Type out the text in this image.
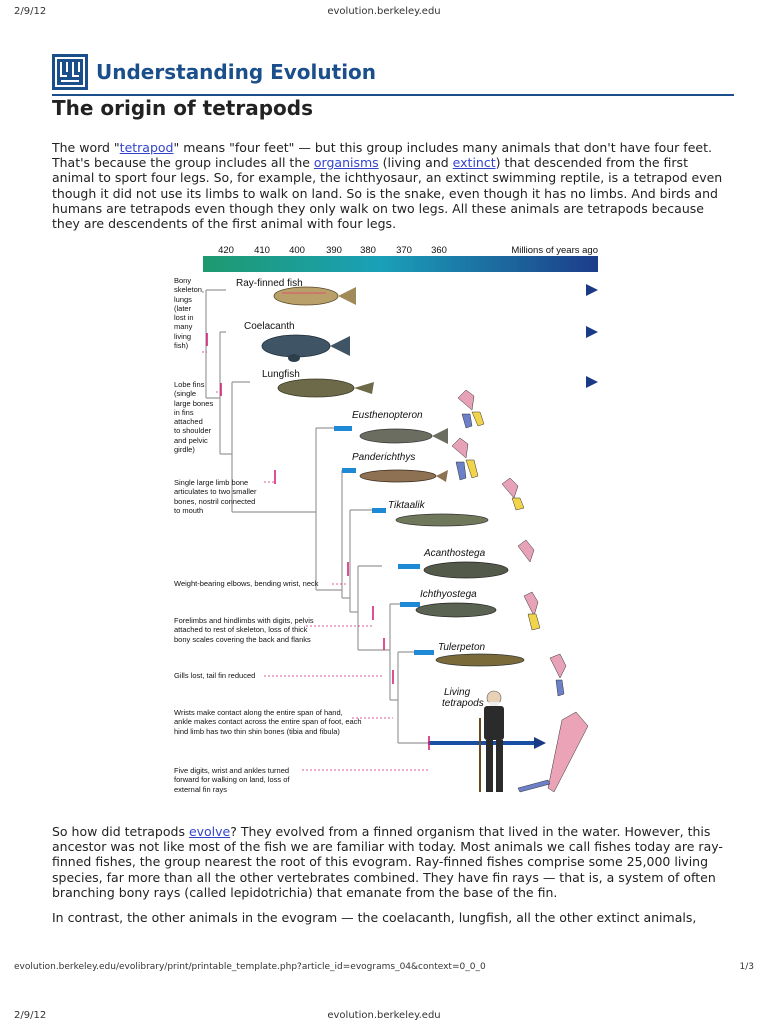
2/9/12	evolution.berkeley.edu
Understanding Evolution
The origin of tetrapods
The word "tetrapod" means "four feet" — but this group includes many animals that don't have four feet. That's because the group includes all the organisms (living and extinct) that descended from the first animal to sport four legs. So, for example, the ichthyosaur, an extinct swimming reptile, is a tetrapod even though it did not use its limbs to walk on land. So is the snake, even though it has no limbs. And birds and humans are tetrapods even though they only walk on two legs. All these animals are tetrapods because they are descendents of the first animal with four legs.
420 410 400 390 380 370 360	Millions of years ago
Ray-finned fish
Coelacanth
Lungfish
Eusthenopteron
Panderichthys
Tiktaalik
Acanthostega
Ichthyostega
Tulerpeton
Living
tetrapods
Bony
skeleton,
lungs
(later
lost in
many
living
fish)
Lobe fins
(single
large bones
in fins
attached
to shoulder
and pelvic
girdle)
Single large limb bone
articulates to two smaller
bones, nostril connected
to mouth
Weight-bearing elbows, bending wrist, neck
Forelimbs and hindlimbs with digits, pelvis
attached to rest of skeleton, loss of thick
bony scales covering the back and flanks
Gills lost, tail fin reduced
Wrists make contact along the entire span of hand,
ankle makes contact across the entire span of foot, each
hind limb has two thin shin bones (tibia and fibula)
Five digits, wrist and ankles turned
forward for walking on land, loss of
external fin rays
So how did tetrapods evolve? They evolved from a finned organism that lived in the water. However, this ancestor was not like most of the fish we are familiar with today. Most animals we call fishes today are ray-finned fishes, the group nearest the root of this evogram. Ray-finned fishes comprise some 25,000 living species, far more than all the other vertebrates combined. They have fin rays — that is, a system of often branching bony rays (called lepidotrichia) that emanate from the base of the fin.
In contrast, the other animals in the evogram — the coelacanth, lungfish, all the other extinct animals,
evolution.berkeley.edu/evolibrary/print/printable_template.php?article_id=evograms_04&context=0_0_0	1/3
2/9/12	evolution.berkeley.edu
